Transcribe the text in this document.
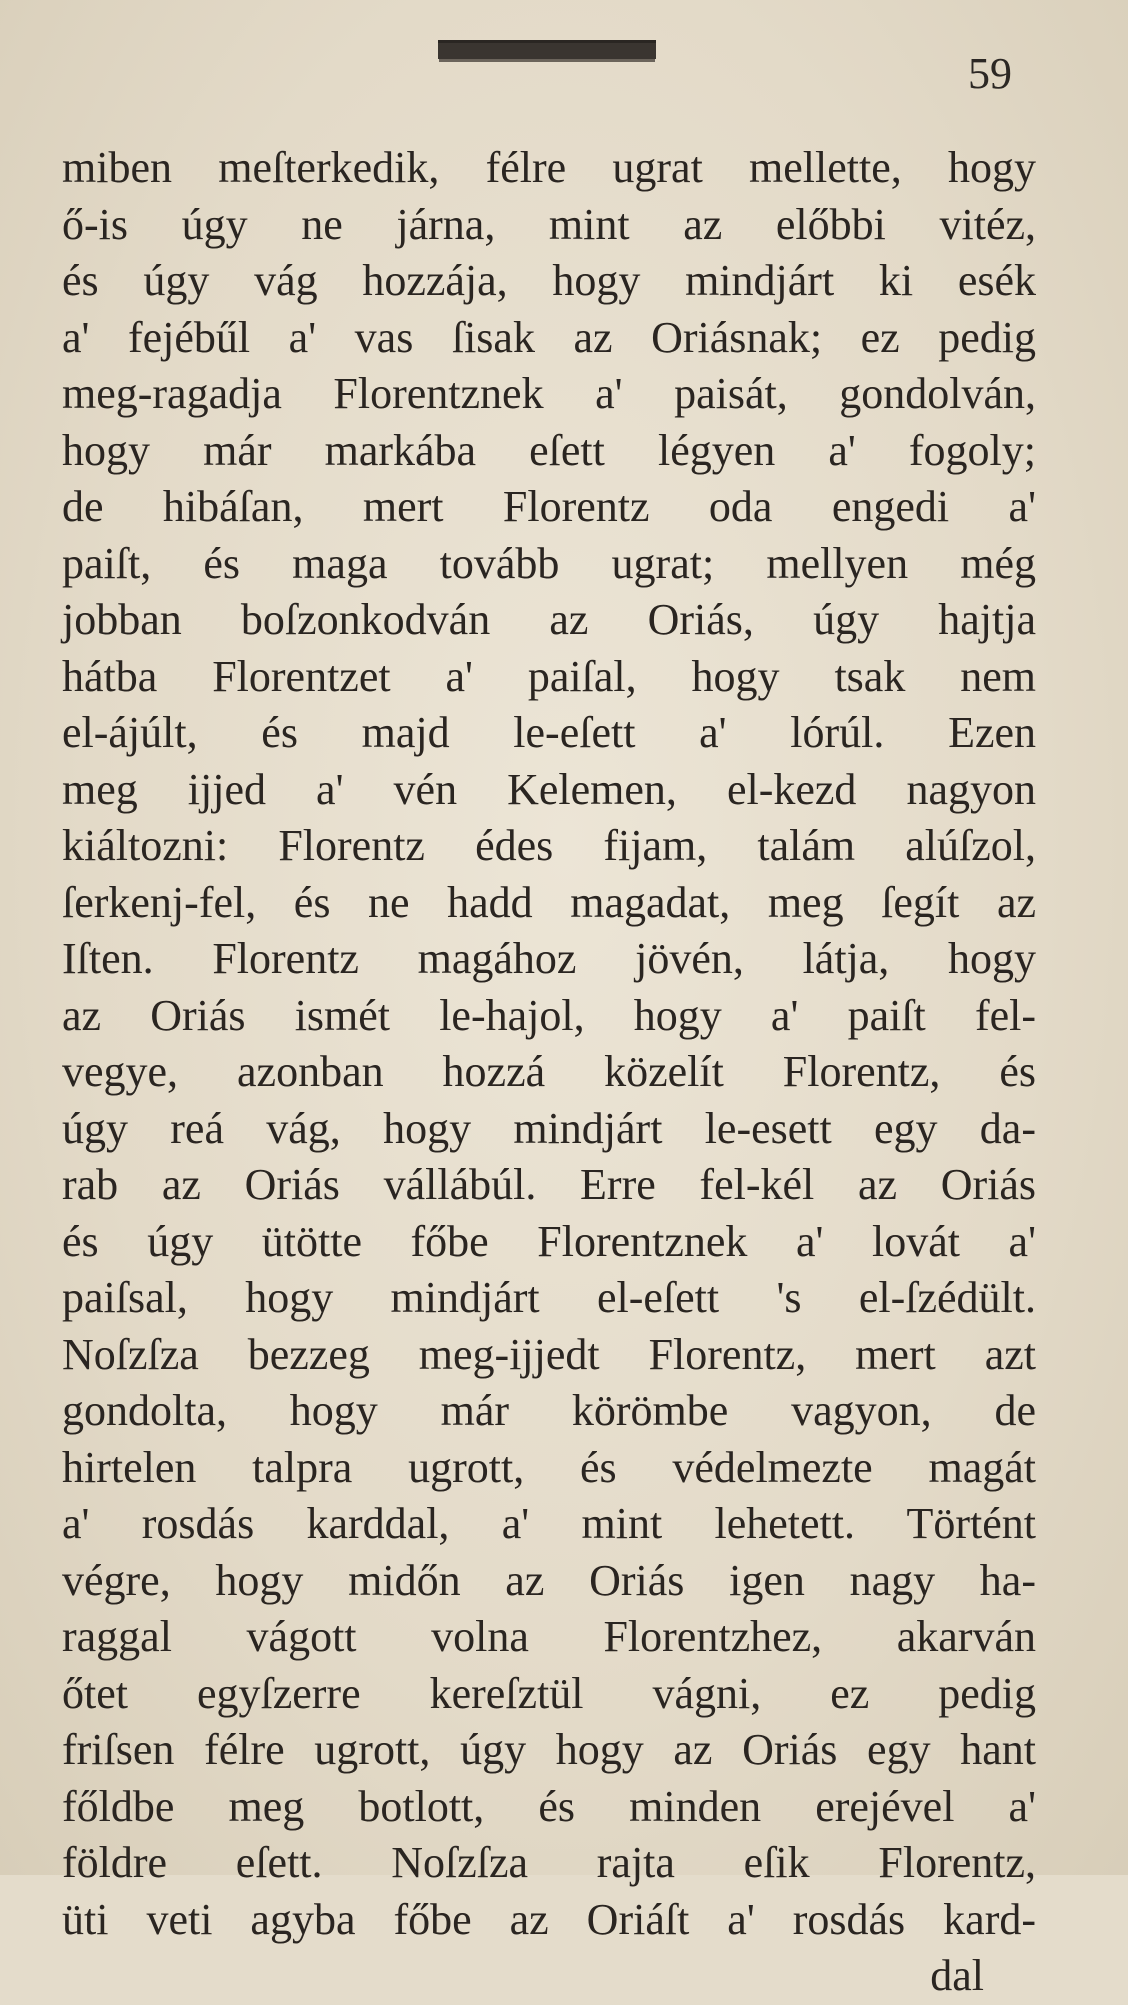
59
miben meſterkedik, félre ugrat mellette, hogy
ő-is úgy ne járna, mint az előbbi vitéz,
és úgy vág hozzája, hogy mindjárt ki esék
a' fejébűl a' vas ſisak az Oriásnak; ez pedig
meg-ragadja Florentznek a' paisát, gondolván,
hogy már markába eſett légyen a' fogoly;
de hibáſan, mert Florentz oda engedi a'
paiſt, és maga tovább ugrat; mellyen még
jobban boſzonkodván az Oriás, úgy hajtja
hátba Florentzet a' paiſal, hogy tsak nem
el-ájúlt, és majd le-eſett a' lórúl. Ezen
meg ijjed a' vén Kelemen, el-kezd nagyon
kiáltozni: Florentz édes fijam, talám alúſzol,
ſerkenj-fel, és ne hadd magadat, meg ſegít az
Iſten. Florentz magához jövén, látja, hogy
az Oriás ismét le-hajol, hogy a' paiſt fel-
vegye, azonban hozzá közelít Florentz, és
úgy reá vág, hogy mindjárt le-esett egy da-
rab az Oriás vállábúl. Erre fel-kél az Oriás
és úgy ütötte főbe Florentznek a' lovát a'
paiſsal, hogy mindjárt el-eſett 's el-ſzédült.
Noſzſza bezzeg meg-ijjedt Florentz, mert azt
gondolta, hogy már körömbe vagyon, de
hirtelen talpra ugrott, és védelmezte magát
a' rosdás karddal, a' mint lehetett. Történt
végre, hogy midőn az Oriás igen nagy ha-
raggal vágott volna Florentzhez, akarván
őtet egyſzerre kereſztül vágni, ez pedig
friſsen félre ugrott, úgy hogy az Oriás egy hant
főldbe meg botlott, és minden erejével a'
földre eſett. Noſzſza rajta eſik Florentz,
üti veti agyba főbe az Oriáſt a' rosdás kard-
dal
